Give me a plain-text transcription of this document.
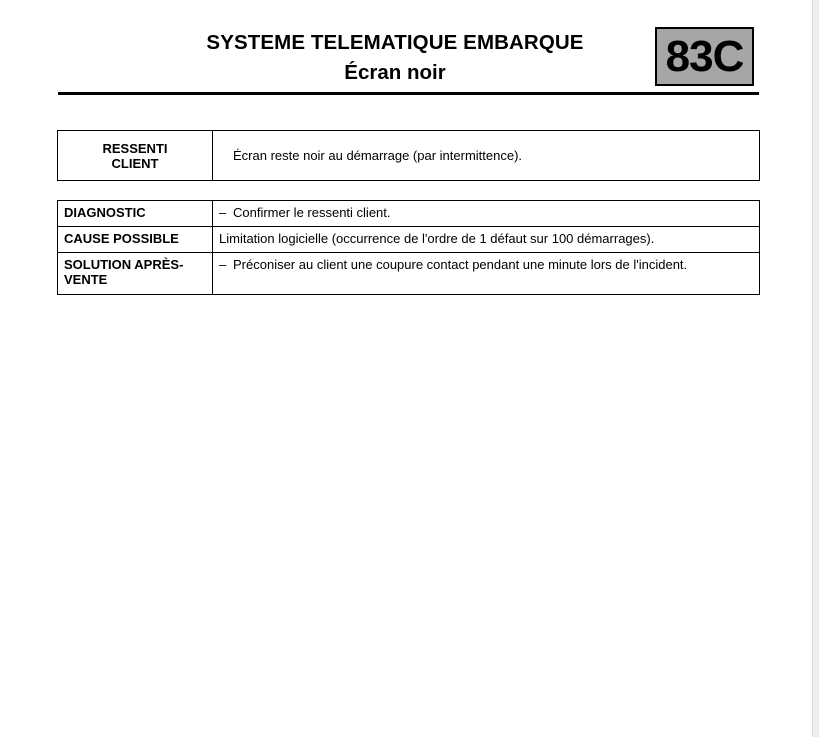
SYSTEME TELEMATIQUE EMBARQUE
Écran noir	83C
RESSENTI
CLIENT	Écran reste noir au démarrage (par intermittence).
DIAGNOSTIC	– Confirmer le ressenti client.
CAUSE POSSIBLE	Limitation logicielle (occurrence de l'ordre de 1 défaut sur 100 démarrages).

SOLUTION APRÈS-
VENTE	– Préconiser au client une coupure contact pendant une minute lors de l'incident.
